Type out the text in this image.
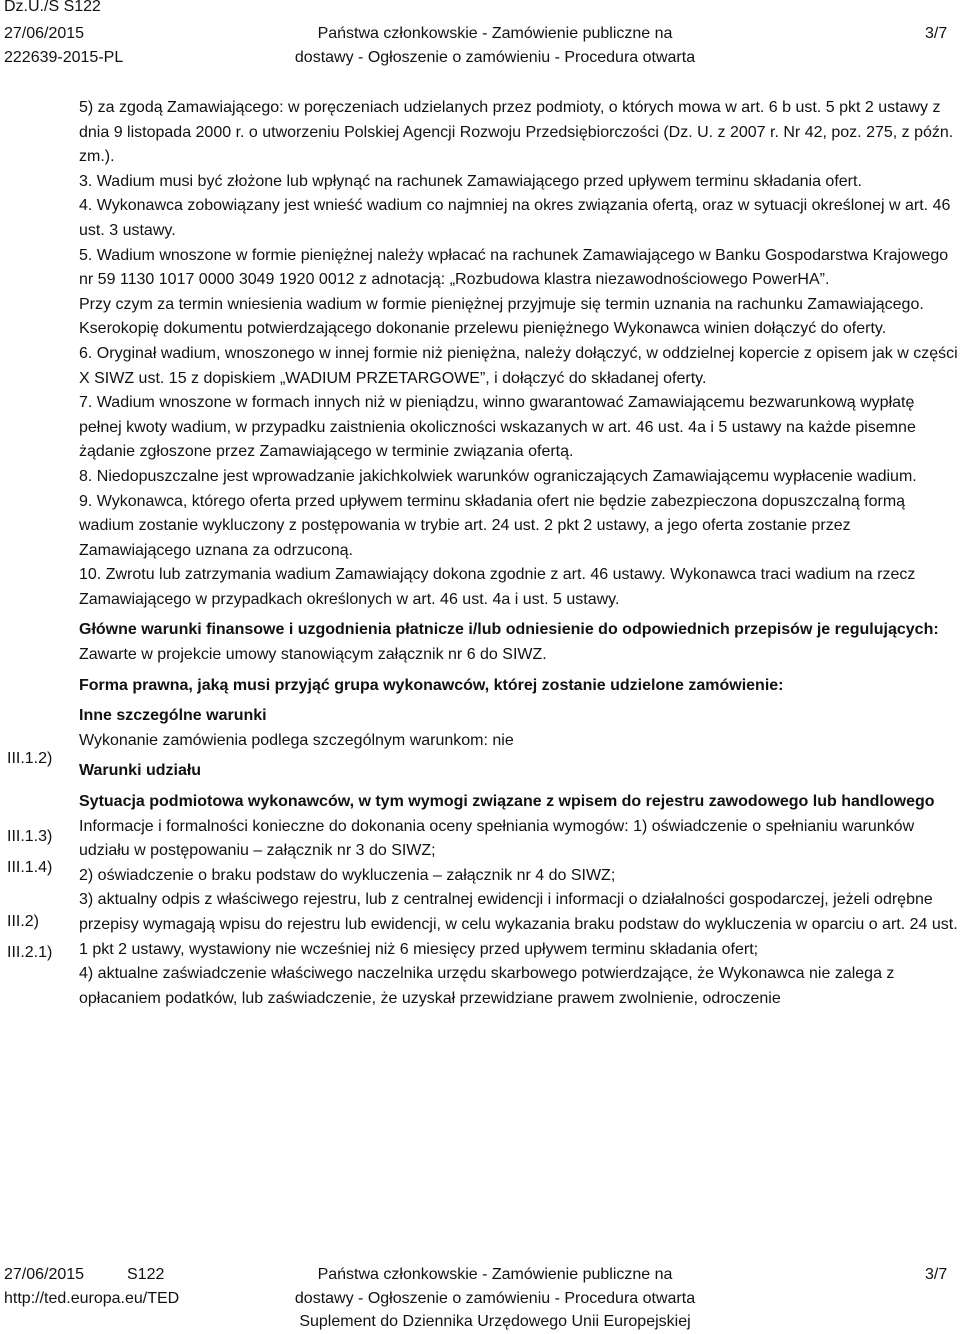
Dz.U./S S122
27/06/2015
222639-2015-PL
Państwa członkowskie - Zamówienie publiczne na
dostawy - Ogłoszenie o zamówieniu - Procedura otwarta
3/7
III.1.2)
III.1.3)
III.1.4)
III.2)
III.2.1)

5) za zgodą Zamawiającego: w poręczeniach udzielanych przez podmioty, o których mowa w art. 6 b ust. 5 pkt 2 ustawy z dnia 9 listopada 2000 r. o utworzeniu Polskiej Agencji Rozwoju Przedsiębiorczości (Dz. U. z 2007 r. Nr 42, poz. 275, z późn. zm.).

3. Wadium musi być złożone lub wpłynąć na rachunek Zamawiającego przed upływem terminu składania ofert.

4. Wykonawca zobowiązany jest wnieść wadium co najmniej na okres związania ofertą, oraz w sytuacji określonej w art. 46 ust. 3 ustawy.

5. Wadium wnoszone w formie pieniężnej należy wpłacać na rachunek Zamawiającego w Banku Gospodarstwa Krajowego nr 59 1130 1017 0000 3049 1920 0012 z adnotacją: „Rozbudowa klastra niezawodnościowego PowerHA”.

Przy czym za termin wniesienia wadium w formie pieniężnej przyjmuje się termin uznania na rachunku Zamawiającego. Kserokopię dokumentu potwierdzającego dokonanie przelewu pieniężnego Wykonawca winien dołączyć do oferty.

6. Oryginał wadium, wnoszonego w innej formie niż pieniężna, należy dołączyć, w oddzielnej kopercie z opisem jak w części X SIWZ ust. 15 z dopiskiem „WADIUM PRZETARGOWE”, i dołączyć do składanej oferty.

7. Wadium wnoszone w formach innych niż w pieniądzu, winno gwarantować Zamawiającemu bezwarunkową wypłatę pełnej kwoty wadium, w przypadku zaistnienia okoliczności wskazanych w art. 46 ust. 4a i 5 ustawy na każde pisemne żądanie zgłoszone przez Zamawiającego w terminie związania ofertą.

8. Niedopuszczalne jest wprowadzanie jakichkolwiek warunków ograniczających Zamawiającemu wypłacenie wadium.

9. Wykonawca, którego oferta przed upływem terminu składania ofert nie będzie zabezpieczona dopuszczalną formą wadium zostanie wykluczony z postępowania w trybie art. 24 ust. 2 pkt 2 ustawy, a jego oferta zostanie przez Zamawiającego uznana za odrzuconą.

10. Zwrotu lub zatrzymania wadium Zamawiający dokona zgodnie z art. 46 ustawy. Wykonawca traci wadium na rzecz Zamawiającego w przypadkach określonych w art. 46 ust. 4a i ust. 5 ustawy.

Główne warunki finansowe i uzgodnienia płatnicze i/lub odniesienie do odpowiednich przepisów je regulujących:

Zawarte w projekcie umowy stanowiącym załącznik nr 6 do SIWZ.

Forma prawna, jaką musi przyjąć grupa wykonawców, której zostanie udzielone zamówienie:

Inne szczególne warunki

Wykonanie zamówienia podlega szczególnym warunkom: nie

Warunki udziału

Sytuacja podmiotowa wykonawców, w tym wymogi związane z wpisem do rejestru zawodowego lub handlowego

Informacje i formalności konieczne do dokonania oceny spełniania wymogów: 1) oświadczenie o spełnianiu warunków udziału w postępowaniu – załącznik nr 3 do SIWZ;

2) oświadczenie o braku podstaw do wykluczenia – załącznik nr 4 do SIWZ;

3) aktualny odpis z właściwego rejestru, lub z centralnej ewidencji i informacji o działalności gospodarczej, jeżeli odrębne przepisy wymagają wpisu do rejestru lub ewidencji, w celu wykazania braku podstaw do wykluczenia w oparciu o art. 24 ust. 1 pkt 2 ustawy, wystawiony nie wcześniej niż 6 miesięcy przed upływem terminu składania ofert;

4) aktualne zaświadczenie właściwego naczelnika urzędu skarbowego potwierdzające, że Wykonawca nie zalega z opłacaniem podatków, lub zaświadczenie, że uzyskał przewidziane prawem zwolnienie, odroczenie

27/06/2015	S122
http://ted.europa.eu/TED
Państwa członkowskie - Zamówienie publiczne na
dostawy - Ogłoszenie o zamówieniu - Procedura otwarta
Suplement do Dziennika Urzędowego Unii Europejskiej
3/7
